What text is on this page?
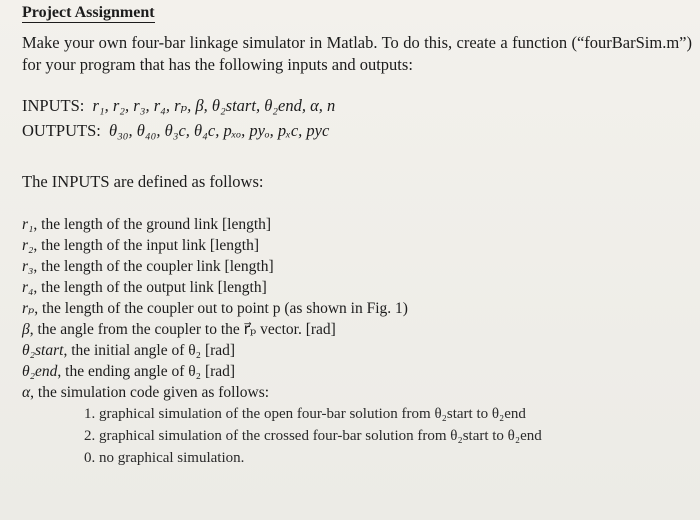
Project Assignment
Make your own four-bar linkage simulator in Matlab. To do this, create a function (“fourBarSim.m”) for your program that has the following inputs and outputs:
INPUTS: r₁, r₂, r₃, r₄, rₚ, β, θ₂start, θ₂end, α, n
OUTPUTS: θ₃₀, θ₄₀, θ₃c, θ₄c, pₓₒ, pyₒ, pₓc, pyc
The INPUTS are defined as follows:
r₁, the length of the ground link [length]
r₂, the length of the input link [length]
r₃, the length of the coupler link [length]
r₄, the length of the output link [length]
rₚ, the length of the coupler out to point p (as shown in Fig. 1)
β, the angle from the coupler to the r⃗ₚ vector. [rad]
θ₂start, the initial angle of θ₂ [rad]
θ₂end, the ending angle of θ₂ [rad]
α, the simulation code given as follows:
1. graphical simulation of the open four-bar solution from θ₂start to θ₂end
2. graphical simulation of the crossed four-bar solution from θ₂start to θ₂end
0. no graphical simulation.
